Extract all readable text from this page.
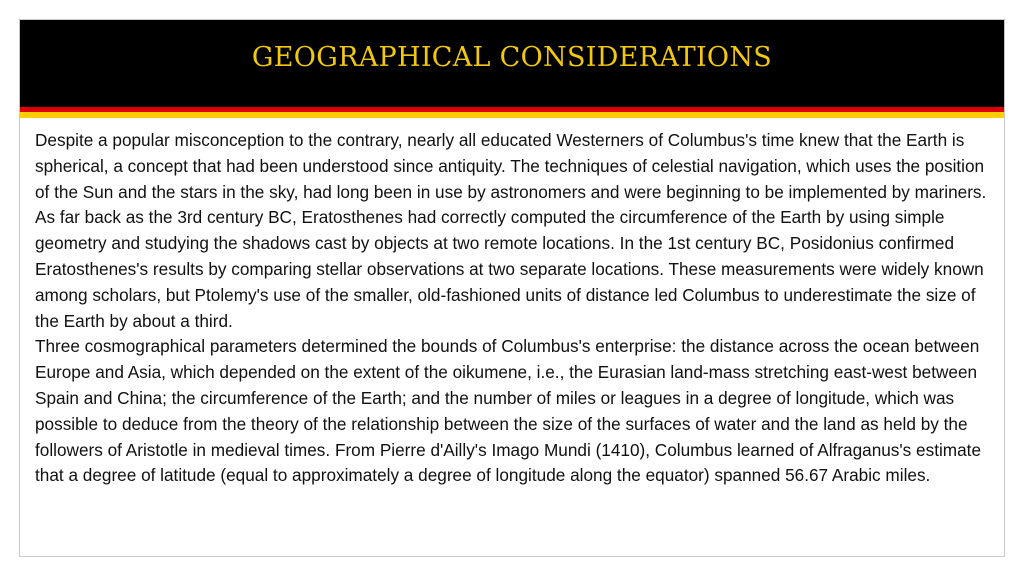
GEOGRAPHICAL CONSIDERATIONS

Despite a popular misconception to the contrary, nearly all educated Westerners of Columbus's time knew that the Earth is spherical, a concept that had been understood since antiquity. The techniques of celestial navigation, which uses the position of the Sun and the stars in the sky, had long been in use by astronomers and were beginning to be implemented by mariners. As far back as the 3rd century BC, Eratosthenes had correctly computed the circumference of the Earth by using simple geometry and studying the shadows cast by objects at two remote locations. In the 1st century BC, Posidonius confirmed Eratosthenes's results by comparing stellar observations at two separate locations. These measurements were widely known among scholars, but Ptolemy's use of the smaller, old-fashioned units of distance led Columbus to underestimate the size of the Earth by about a third.

Three cosmographical parameters determined the bounds of Columbus's enterprise: the distance across the ocean between Europe and Asia, which depended on the extent of the oikumene, i.e., the Eurasian land-mass stretching east-west between Spain and China; the circumference of the Earth; and the number of miles or leagues in a degree of longitude, which was possible to deduce from the theory of the relationship between the size of the surfaces of water and the land as held by the followers of Aristotle in medieval times. From Pierre d'Ailly's Imago Mundi (1410), Columbus learned of Alfraganus's estimate that a degree of latitude (equal to approximately a degree of longitude along the equator) spanned 56.67 Arabic miles.
